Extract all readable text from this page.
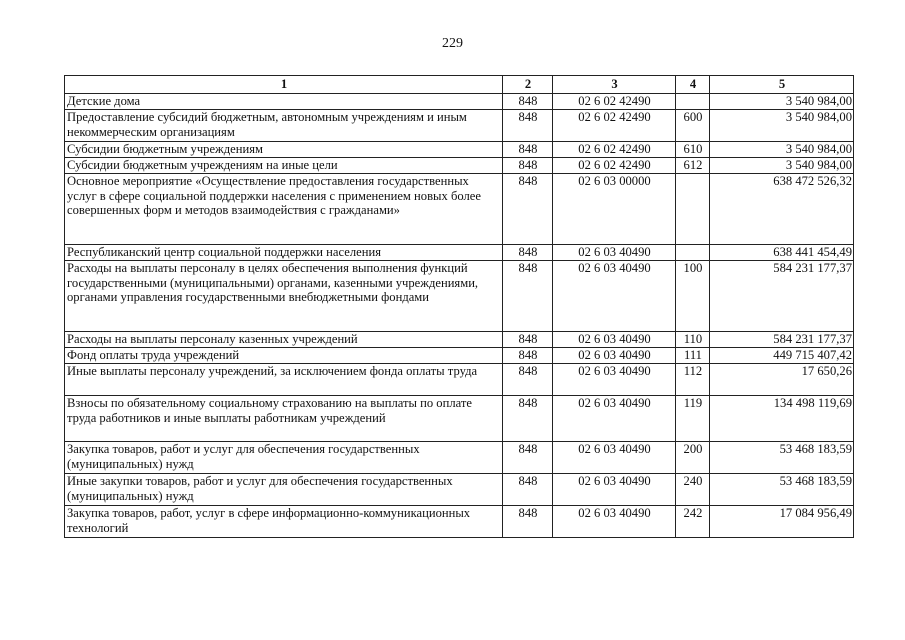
229
1	2	3	4	5
Детские дома	848	02 6 02 42490		3 540 984,00
Предоставление субсидий бюджетным, автономным учреждениям и иным некоммерческим организациям	848	02 6 02 42490	600	3 540 984,00
Субсидии бюджетным учреждениям	848	02 6 02 42490	610	3 540 984,00
Субсидии бюджетным учреждениям на иные цели	848	02 6 02 42490	612	3 540 984,00
Основное мероприятие «Осуществление предоставления государственных услуг в сфере социальной поддержки населения с применением новых более совершенных форм и методов взаимодействия с гражданами»	848	02 6 03 00000		638 472 526,32
Республиканский центр социальной поддержки населения	848	02 6 03 40490		638 441 454,49
Расходы на выплаты персоналу в целях обеспечения выполнения функций государственными (муниципальными) органами, казенными учреждениями, органами управления государственными внебюджетными фондами	848	02 6 03 40490	100	584 231 177,37
Расходы на выплаты персоналу казенных учреждений	848	02 6 03 40490	110	584 231 177,37
Фонд оплаты труда учреждений	848	02 6 03 40490	111	449 715 407,42
Иные выплаты персоналу учреждений, за исключением фонда оплаты труда	848	02 6 03 40490	112	17 650,26
Взносы по обязательному социальному страхованию на выплаты по оплате труда работников и иные выплаты работникам учреждений	848	02 6 03 40490	119	134 498 119,69
Закупка товаров, работ и услуг для обеспечения государственных (муниципальных) нужд	848	02 6 03 40490	200	53 468 183,59
Иные закупки товаров, работ и услуг для обеспечения государственных (муниципальных) нужд	848	02 6 03 40490	240	53 468 183,59
Закупка товаров, работ, услуг в сфере информационно-коммуникационных технологий	848	02 6 03 40490	242	17 084 956,49
